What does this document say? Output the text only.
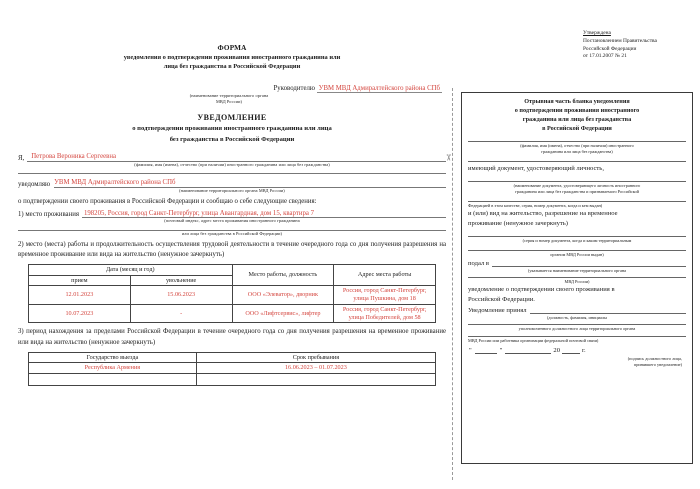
Утверждена
Постановлением Правительства
Российской Федерации
от 17.01.2007 № 21
ФОРМА
уведомления о подтверждении проживания иностранного гражданина или
лица без гражданства в Российской Федерации
Руководителю УВМ МВД Адмиралтейского района СПб
(наименование территориального органа
МВД России)
УВЕДОМЛЕНИЕ
о подтверждении проживания иностранного гражданина или лица
без гражданства в Российской Федерации
Я,	Петрова Вероника Сергеевна
(фамилия, имя (имена), отчество (при наличии) иностранного гражданина или лица без гражданства)
уведомляю УВМ МВД Адмиралтейского района СПб
(наименование территориального органа МВД России)
о подтверждении своего проживания в Российской Федерации и сообщаю о себе следующие сведения:
1) место проживания 198205, Россия, город Санкт-Петербург, улица Авангардная, дом 15, квартира 7
(почтовый индекс, адрес места проживания иностранного гражданина
или лица без гражданства в Российской Федерации)
2) место (места) работы и продолжительность осуществления трудовой деятельности в течение очередного года со дня получения разрешения на временное проживание или вида на жительство (ненужное зачеркнуть)
Дата (месяц и год)		Место работы, должность	Адрес места работы
прием	увольнение		
12.01.2023	15.06.2023	ООО «Элеватор», дворник	Россия, город Санкт-Петербург, улица Пушкина, дом 18
10.07.2023	-	ООО «Лифтсервис», лифтер	Россия, город Санкт-Петербург, улица Победителей, дом 58
3) период нахождения за пределами Российской Федерации в течение очередного года со дня получения разрешения на временное проживание или вида на жительство (ненужное зачеркнуть)
Государство выезда	Срок пребывания
Республика Армения	16.06.2023 – 01.07.2023

✂
Отрывная часть бланка уведомления
о подтверждении проживания иностранного
гражданина или лица без гражданства
в Российской Федерации
(фамилия, имя (имена), отчество (при наличии) иностранного
гражданина или лица без гражданства)
имеющий документ, удостоверяющий личность,
(наименование документа, удостоверяющего личность иностранного
гражданина или лица без гражданства и признаваемого Российской
Федерацией в этом качестве, серия, номер документа, когда и кем выдан)
и (или) вид на жительство, разрешение на временное
проживание (ненужное зачеркнуть)
(серия и номер документа, когда и каким территориальным
органом МВД России выдан)
подал в
(указывается наименование территориального органа
МВД России)
уведомление о подтверждении своего проживания в
Российской Федерации.
Уведомление принял
(должность, фамилия, инициалы
уполномоченного должностного лица территориального органа
МВД России или работника организации федеральной почтовой связи)
"
	"
	20
	г.
(подпись должностного лица,
принявшего уведомление)
